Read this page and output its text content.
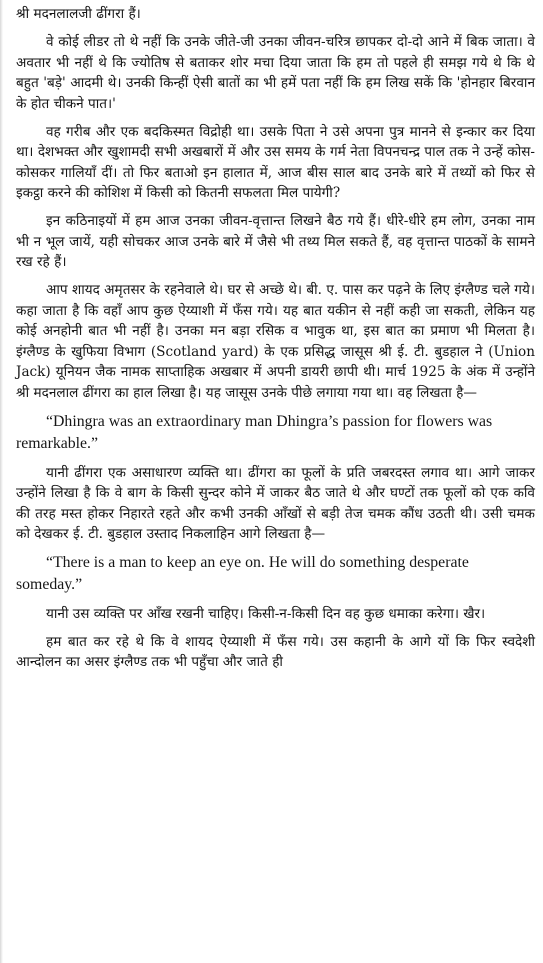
श्री मदनलालजी ढींगरा हैं।

वे कोई लीडर तो थे नहीं कि उनके जीते-जी उनका जीवन-चरित्र छापकर दो-दो आने में बिक जाता। वे अवतार भी नहीं थे कि ज्योतिष से बताकर शोर मचा दिया जाता कि हम तो पहले ही समझ गये थे कि थे बहुत 'बड़े' आदमी थे। उनकी किन्हीं ऐसी बातों का भी हमें पता नहीं कि हम लिख सकें कि 'होनहार बिरवान के होत चीकने पात।'

वह गरीब और एक बदकिस्मत विद्रोही था। उसके पिता ने उसे अपना पुत्र मानने से इन्कार कर दिया था। देशभक्त और खुशामदी सभी अखबारों में और उस समय के गर्म नेता विपनचन्द्र पाल तक ने उन्हें कोस-कोसकर गालियाँ दीं। तो फिर बताओ इन हालात में, आज बीस साल बाद उनके बारे में तथ्यों को फिर से इकट्ठा करने की कोशिश में किसी को कितनी सफलता मिल पायेगी?

इन कठिनाइयों में हम आज उनका जीवन-वृत्तान्त लिखने बैठ गये हैं। धीरे-धीरे हम लोग, उनका नाम भी न भूल जायें, यही सोचकर आज उनके बारे में जैसे भी तथ्य मिल सकते हैं, वह वृत्तान्त पाठकों के सामने रख रहे हैं।

आप शायद अमृतसर के रहनेवाले थे। घर से अच्छे थे। बी. ए. पास कर पढ़ने के लिए इंग्लैण्ड चले गये। कहा जाता है कि वहाँ आप कुछ ऐय्याशी में फँस गये। यह बात यकीन से नहीं कही जा सकती, लेकिन यह कोई अनहोनी बात भी नहीं है। उनका मन बड़ा रसिक व भावुक था, इस बात का प्रमाण भी मिलता है। इंग्लैण्ड के खुफिया विभाग (Scotland yard) के एक प्रसिद्ध जासूस श्री ई. टी. बुडहाल ने (Union Jack) यूनियन जैक नामक साप्ताहिक अखबार में अपनी डायरी छापी थी। मार्च 1925 के अंक में उन्होंने श्री मदनलाल ढींगरा का हाल लिखा है। यह जासूस उनके पीछे लगाया गया था। वह लिखता है—

“Dhingra was an extraordinary man Dhingra’s passion for flowers was remarkable.”

यानी ढींगरा एक असाधारण व्यक्ति था। ढींगरा का फूलों के प्रति जबरदस्त लगाव था। आगे जाकर उन्होंने लिखा है कि वे बाग के किसी सुन्दर कोने में जाकर बैठ जाते थे और घण्टों तक फूलों को एक कवि की तरह मस्त होकर निहारते रहते और कभी उनकी आँखों से बड़ी तेज चमक कौंध उठती थी। उसी चमक को देखकर ई. टी. बुडहाल उस्ताद निकलाहिन आगे लिखता है—

“There is a man to keep an eye on. He will do something desperate someday.”

यानी उस व्यक्ति पर आँख रखनी चाहिए। किसी-न-किसी दिन वह कुछ धमाका करेगा। खैर।

हम बात कर रहे थे कि वे शायद ऐय्याशी में फँस गये। उस कहानी के आगे यों कि फिर स्वदेशी आन्दोलन का असर इंग्लैण्ड तक भी पहुँचा और जाते ही
